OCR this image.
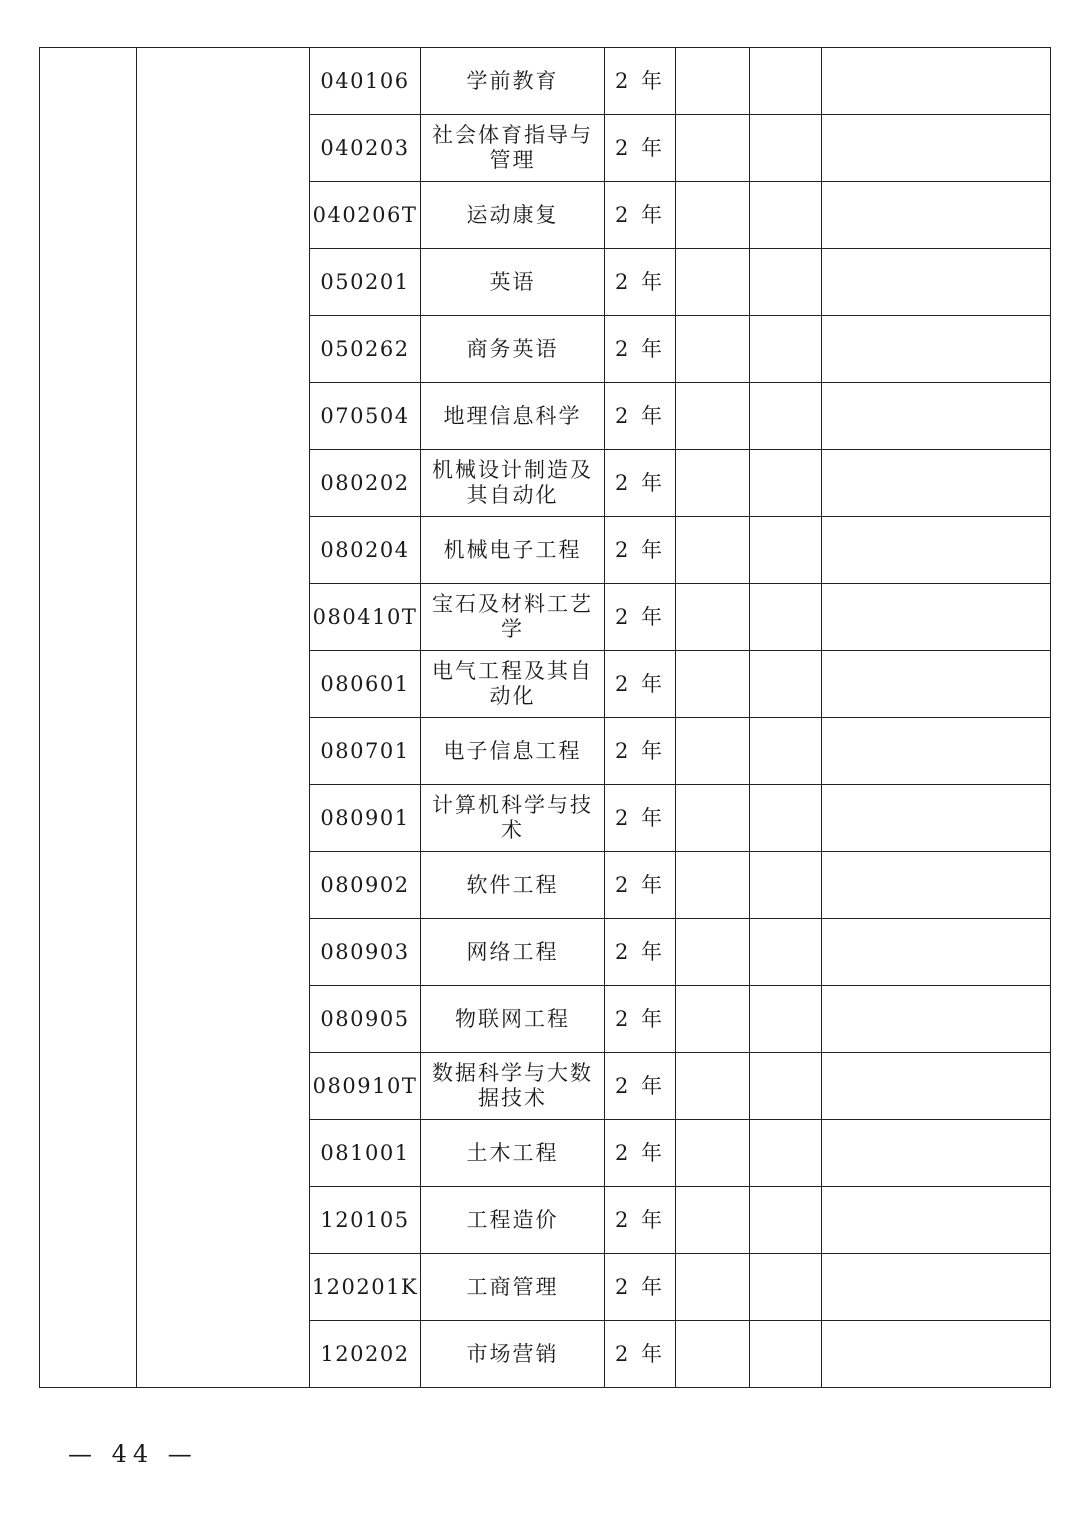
		040106	学前教育	2 年			
		040203	社会体育指导与管理	2 年			
		040206T	运动康复	2 年			
		050201	英语	2 年			
		050262	商务英语	2 年			
		070504	地理信息科学	2 年			
		080202	机械设计制造及其自动化	2 年			
		080204	机械电子工程	2 年			
		080410T	宝石及材料工艺学	2 年			
		080601	电气工程及其自动化	2 年			
		080701	电子信息工程	2 年			
		080901	计算机科学与技术	2 年			
		080902	软件工程	2 年			
		080903	网络工程	2 年			
		080905	物联网工程	2 年			
		080910T	数据科学与大数据技术	2 年			
		081001	土木工程	2 年			
		120105	工程造价	2 年			
		120201K	工商管理	2 年			
		120202	市场营销	2 年			
— 44 —
